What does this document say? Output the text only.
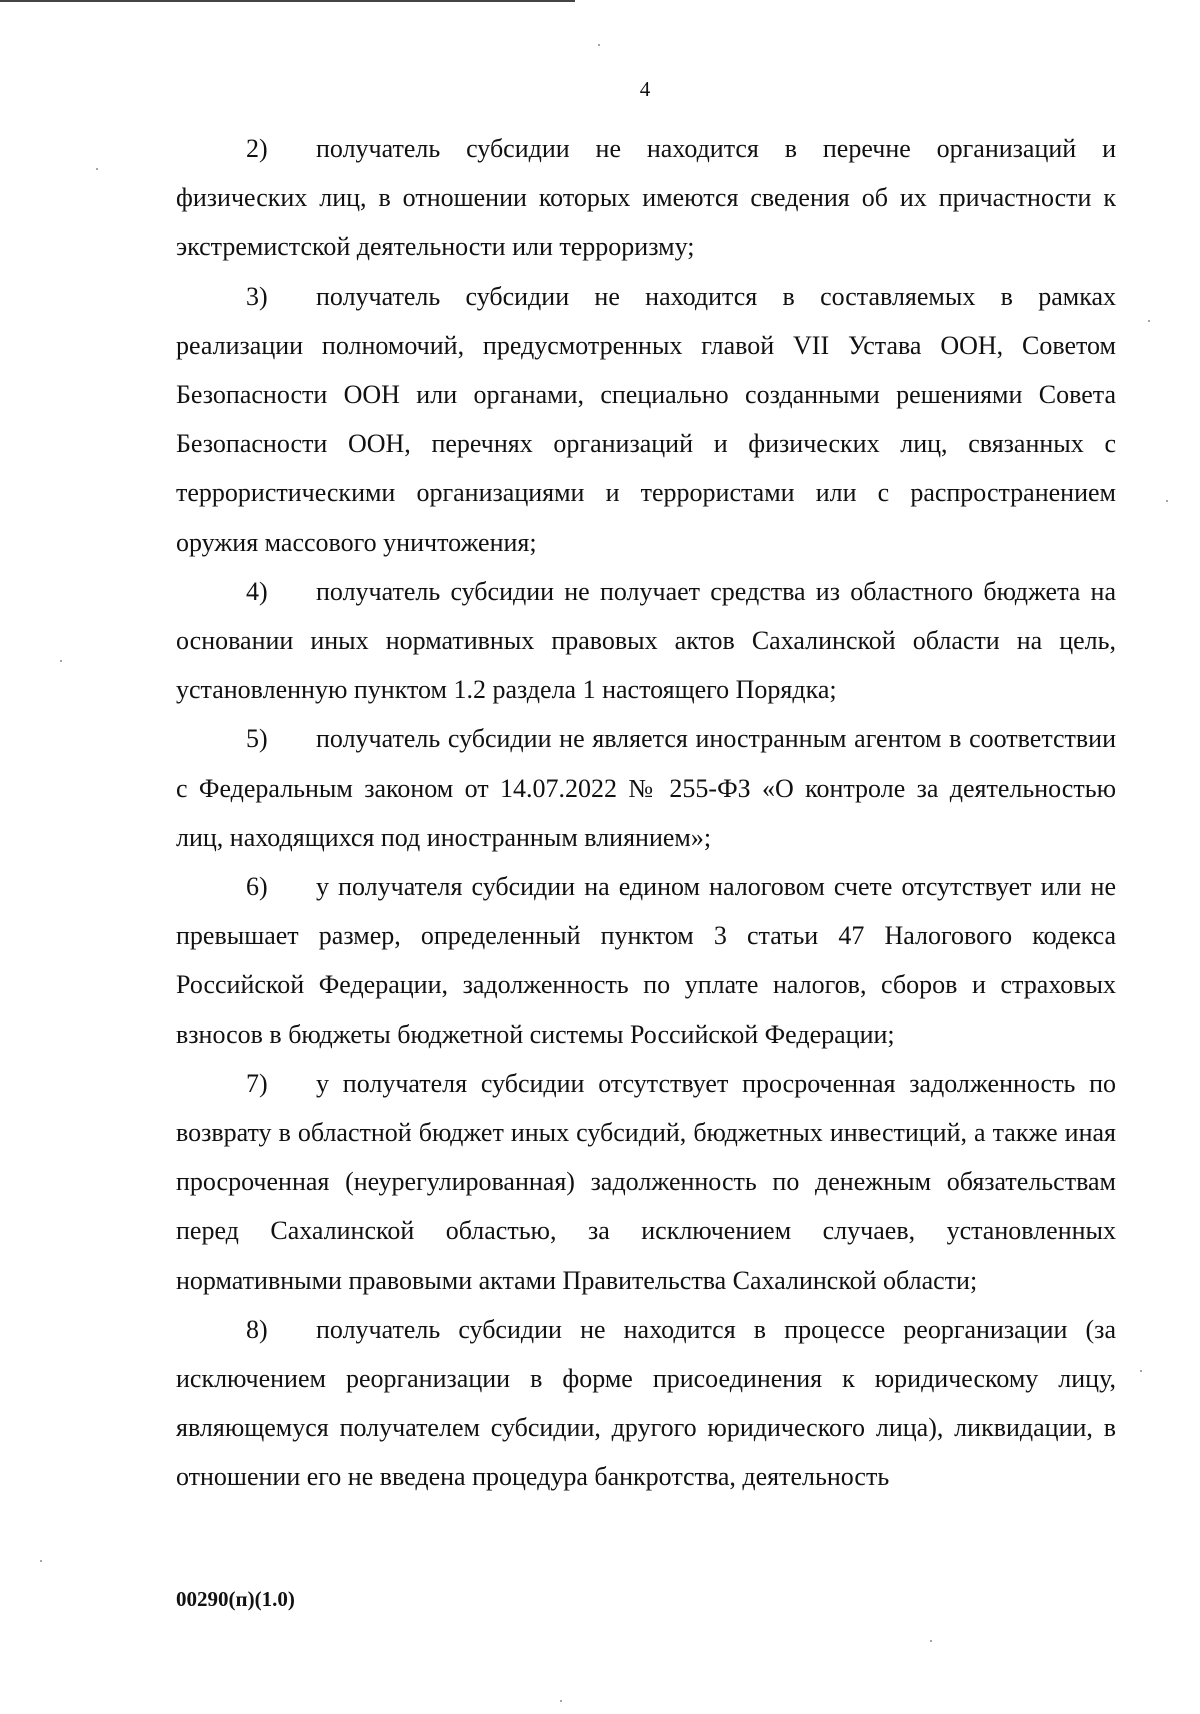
4

2) получатель субсидии не находится в перечне организаций и физических лиц, в отношении которых имеются сведения об их причастности к экстремистской деятельности или терроризму;

3) получатель субсидии не находится в составляемых в рамках реализации полномочий, предусмотренных главой VII Устава ООН, Советом Безопасности ООН или органами, специально созданными решениями Совета Безопасности ООН, перечнях организаций и физических лиц, связанных с террористическими организациями и террористами или с распространением оружия массового уничтожения;

4) получатель субсидии не получает средства из областного бюджета на основании иных нормативных правовых актов Сахалинской области на цель, установленную пунктом 1.2 раздела 1 настоящего Порядка;

5) получатель субсидии не является иностранным агентом в соответствии с Федеральным законом от 14.07.2022 № 255-ФЗ «О контроле за деятельностью лиц, находящихся под иностранным влиянием»;

6) у получателя субсидии на едином налоговом счете отсутствует или не превышает размер, определенный пунктом 3 статьи 47 Налогового кодекса Российской Федерации, задолженность по уплате налогов, сборов и страховых взносов в бюджеты бюджетной системы Российской Федерации;

7) у получателя субсидии отсутствует просроченная задолженность по возврату в областной бюджет иных субсидий, бюджетных инвестиций, а также иная просроченная (неурегулированная) задолженность по денежным обязательствам перед Сахалинской областью, за исключением случаев, установленных нормативными правовыми актами Правительства Сахалинской области;

8) получатель субсидии не находится в процессе реорганизации (за исключением реорганизации в форме присоединения к юридическому лицу, являющемуся получателем субсидии, другого юридического лица), ликвидации, в отношении его не введена процедура банкротства, деятельность

00290(п)(1.0)
